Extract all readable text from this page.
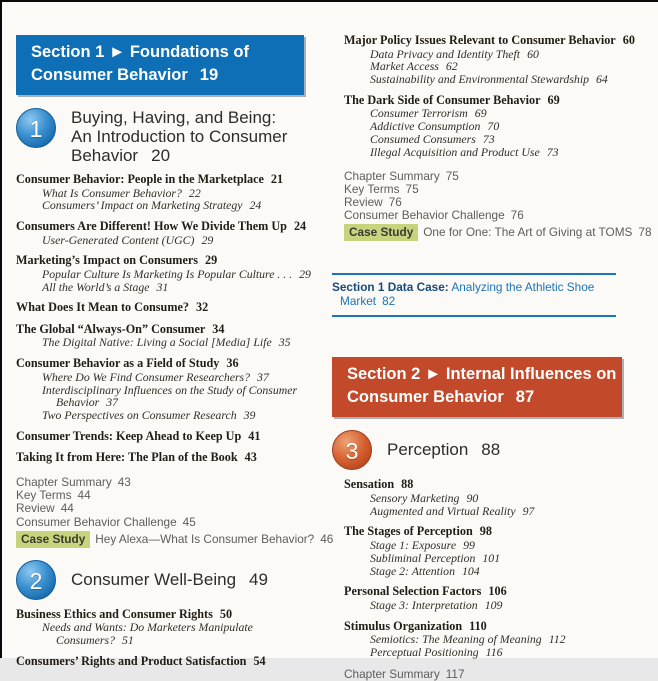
Section 1 ► Foundations of
Consumer Behavior 19
1	Buying, Having, and Being:
An Introduction to Consumer
Behavior 20
Consumer Behavior: People in the Marketplace 21
What Is Consumer Behavior? 22
Consumers’ Impact on Marketing Strategy 24
Consumers Are Different! How We Divide Them Up 24
User-Generated Content (UGC) 29
Marketing’s Impact on Consumers 29
Popular Culture Is Marketing Is Popular Culture . . . 29
All the World’s a Stage 31
What Does It Mean to Consume? 32
The Global “Always-On” Consumer 34
The Digital Native: Living a Social [Media] Life 35
Consumer Behavior as a Field of Study 36
Where Do We Find Consumer Researchers? 37
Interdisciplinary Influences on the Study of Consumer
Behavior 37
Two Perspectives on Consumer Research 39
Consumer Trends: Keep Ahead to Keep Up 41
Taking It from Here: The Plan of the Book 43
Chapter Summary 43
Key Terms 44
Review 44
Consumer Behavior Challenge 45
Case Study Hey Alexa—What Is Consumer Behavior? 46
2	Consumer Well-Being 49
Business Ethics and Consumer Rights 50
Needs and Wants: Do Marketers Manipulate
Consumers? 51
Consumers’ Rights and Product Satisfaction 54
Major Policy Issues Relevant to Consumer Behavior 60
Data Privacy and Identity Theft 60
Market Access 62
Sustainability and Environmental Stewardship 64
The Dark Side of Consumer Behavior 69
Consumer Terrorism 69
Addictive Consumption 70
Consumed Consumers 73
Illegal Acquisition and Product Use 73
Chapter Summary 75
Key Terms 75
Review 76
Consumer Behavior Challenge 76
Case Study One for One: The Art of Giving at TOMS 78
Section 1 Data Case: Analyzing the Athletic Shoe
Market 82
Section 2 ► Internal Influences on
Consumer Behavior 87
3	Perception 88
Sensation 88
Sensory Marketing 90
Augmented and Virtual Reality 97
The Stages of Perception 98
Stage 1: Exposure 99
Subliminal Perception 101
Stage 2: Attention 104
Personal Selection Factors 106
Stage 3: Interpretation 109
Stimulus Organization 110
Semiotics: The Meaning of Meaning 112
Perceptual Positioning 116
Chapter Summary 117
